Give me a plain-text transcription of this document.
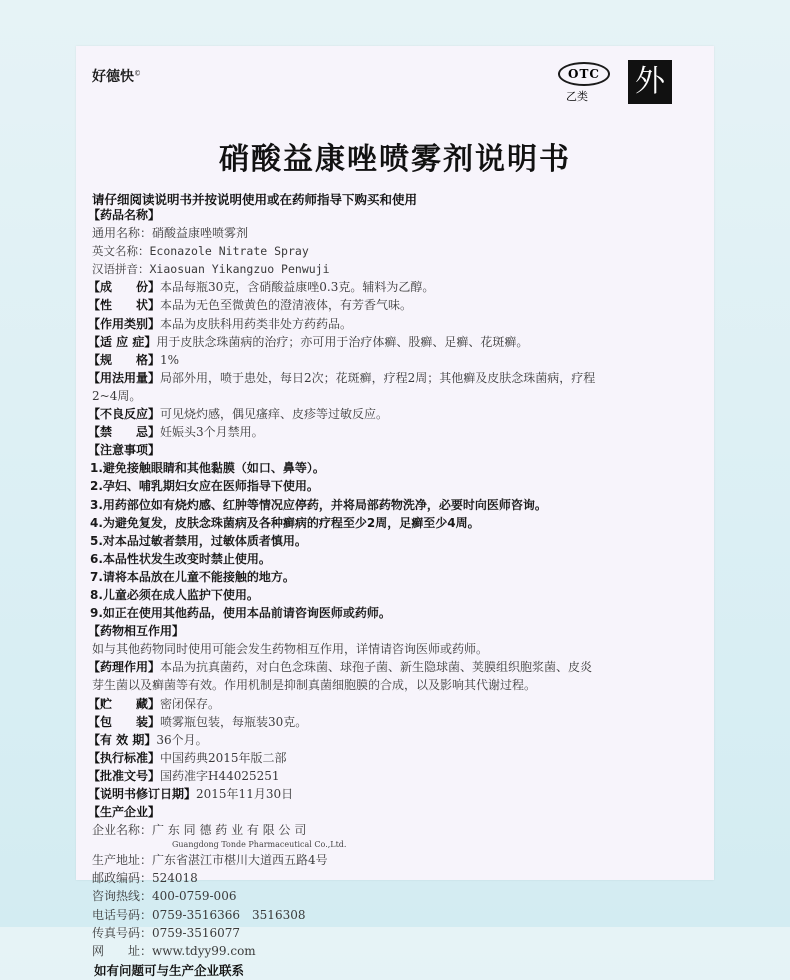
好德快©	OTC
乙类 外
硝酸益康唑喷雾剂说明书
请仔细阅读说明书并按说明使用或在药师指导下购买和使用
【药品名称】
通用名称：硝酸益康唑喷雾剂
英文名称：Econazole Nitrate Spray
汉语拼音：Xiaosuan Yikangzuo Penwuji
【成　　份】本品每瓶30克，含硝酸益康唑0.3克。辅料为乙醇。
【性　　状】本品为无色至微黄色的澄清液体，有芳香气味。
【作用类别】本品为皮肤科用药类非处方药药品。
【适 应 症】用于皮肤念珠菌病的治疗；亦可用于治疗体癣、股癣、足癣、花斑癣。
【规　　格】1%
【用法用量】局部外用，喷于患处，每日2次；花斑癣，疗程2周；其他癣及皮肤念珠菌病，疗程
2~4周。
【不良反应】可见烧灼感，偶见瘙痒、皮疹等过敏反应。
【禁　　忌】妊娠头3个月禁用。
【注意事项】
1.避免接触眼睛和其他黏膜（如口、鼻等）。
2.孕妇、哺乳期妇女应在医师指导下使用。
3.用药部位如有烧灼感、红肿等情况应停药，并将局部药物洗净，必要时向医师咨询。
4.为避免复发，皮肤念珠菌病及各种癣病的疗程至少2周，足癣至少4周。
5.对本品过敏者禁用，过敏体质者慎用。
6.本品性状发生改变时禁止使用。
7.请将本品放在儿童不能接触的地方。
8.儿童必须在成人监护下使用。
9.如正在使用其他药品，使用本品前请咨询医师或药师。
【药物相互作用】
如与其他药物同时使用可能会发生药物相互作用，详情请咨询医师或药师。
【药理作用】本品为抗真菌药，对白色念珠菌、球孢子菌、新生隐球菌、荚膜组织胞浆菌、皮炎
芽生菌以及癣菌等有效。作用机制是抑制真菌细胞膜的合成，以及影响其代谢过程。
【贮　　藏】密闭保存。
【包　　装】喷雾瓶包装，每瓶装30克。
【有 效 期】36个月。
【执行标准】中国药典2015年版二部
【批准文号】国药准字H44025251
【说明书修订日期】2015年11月30日
【生产企业】
企业名称：广 东 同 德 药 业 有 限 公 司
Guangdong Tonde Pharmaceutical Co.,Ltd.
生产地址：广东省湛江市椹川大道西五路4号
邮政编码：524018
咨询热线：400-0759-006
电话号码：0759-3516366　3516308
传真号码：0759-3516077
网　　址：www.tdyy99.com
如有问题可与生产企业联系
